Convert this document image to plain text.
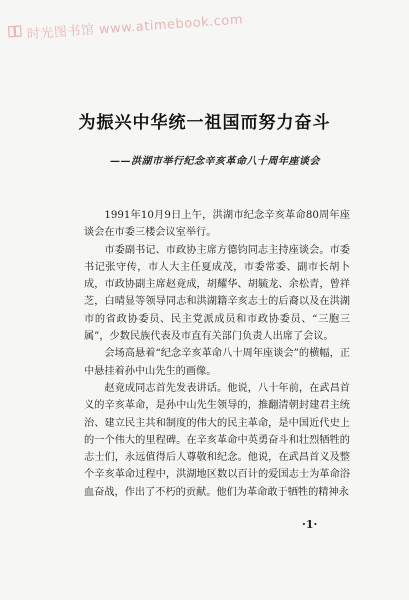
时光图书馆 www.atimebook.com
为振兴中华统一祖国而努力奋斗
——洪湖市举行纪念辛亥革命八十周年座谈会

1991年10月9日上午，洪湖市纪念辛亥革命80周年座谈会在市委三楼会议室举行。

市委副书记、市政协主席方德钧同志主持座谈会。市委书记张守传，市人大主任夏成茂，市委常委、副市长胡卜成，市政协副主席赵竟成，胡耀华、胡毓龙、余松青，曾祥芝，白晴显等领导同志和洪湖籍辛亥志士的后裔以及在洪湖市的省政协委员、民主党派成员和市政协委员、“三胞三属”，少数民族代表及市直有关部门负责人出席了会议。

会场高悬着“纪念辛亥革命八十周年座谈会”的横幅，正中悬挂着孙中山先生的画像。

赵竟成同志首先发表讲话。他说，八十年前，在武昌首义的辛亥革命，是孙中山先生领导的，推翻清朝封建君主统治、建立民主共和制度的伟大的民主革命，是中国近代史上的一个伟大的里程碑。在辛亥革命中英勇奋斗和壮烈牺牲的志士们，永远值得后人尊敬和纪念。他说，在武昌首义及整个辛亥革命过程中，洪湖地区数以百计的爱国志士为革命浴血奋战，作出了不朽的贡献。他们为革命敢于牺牲的精神永

·1·
